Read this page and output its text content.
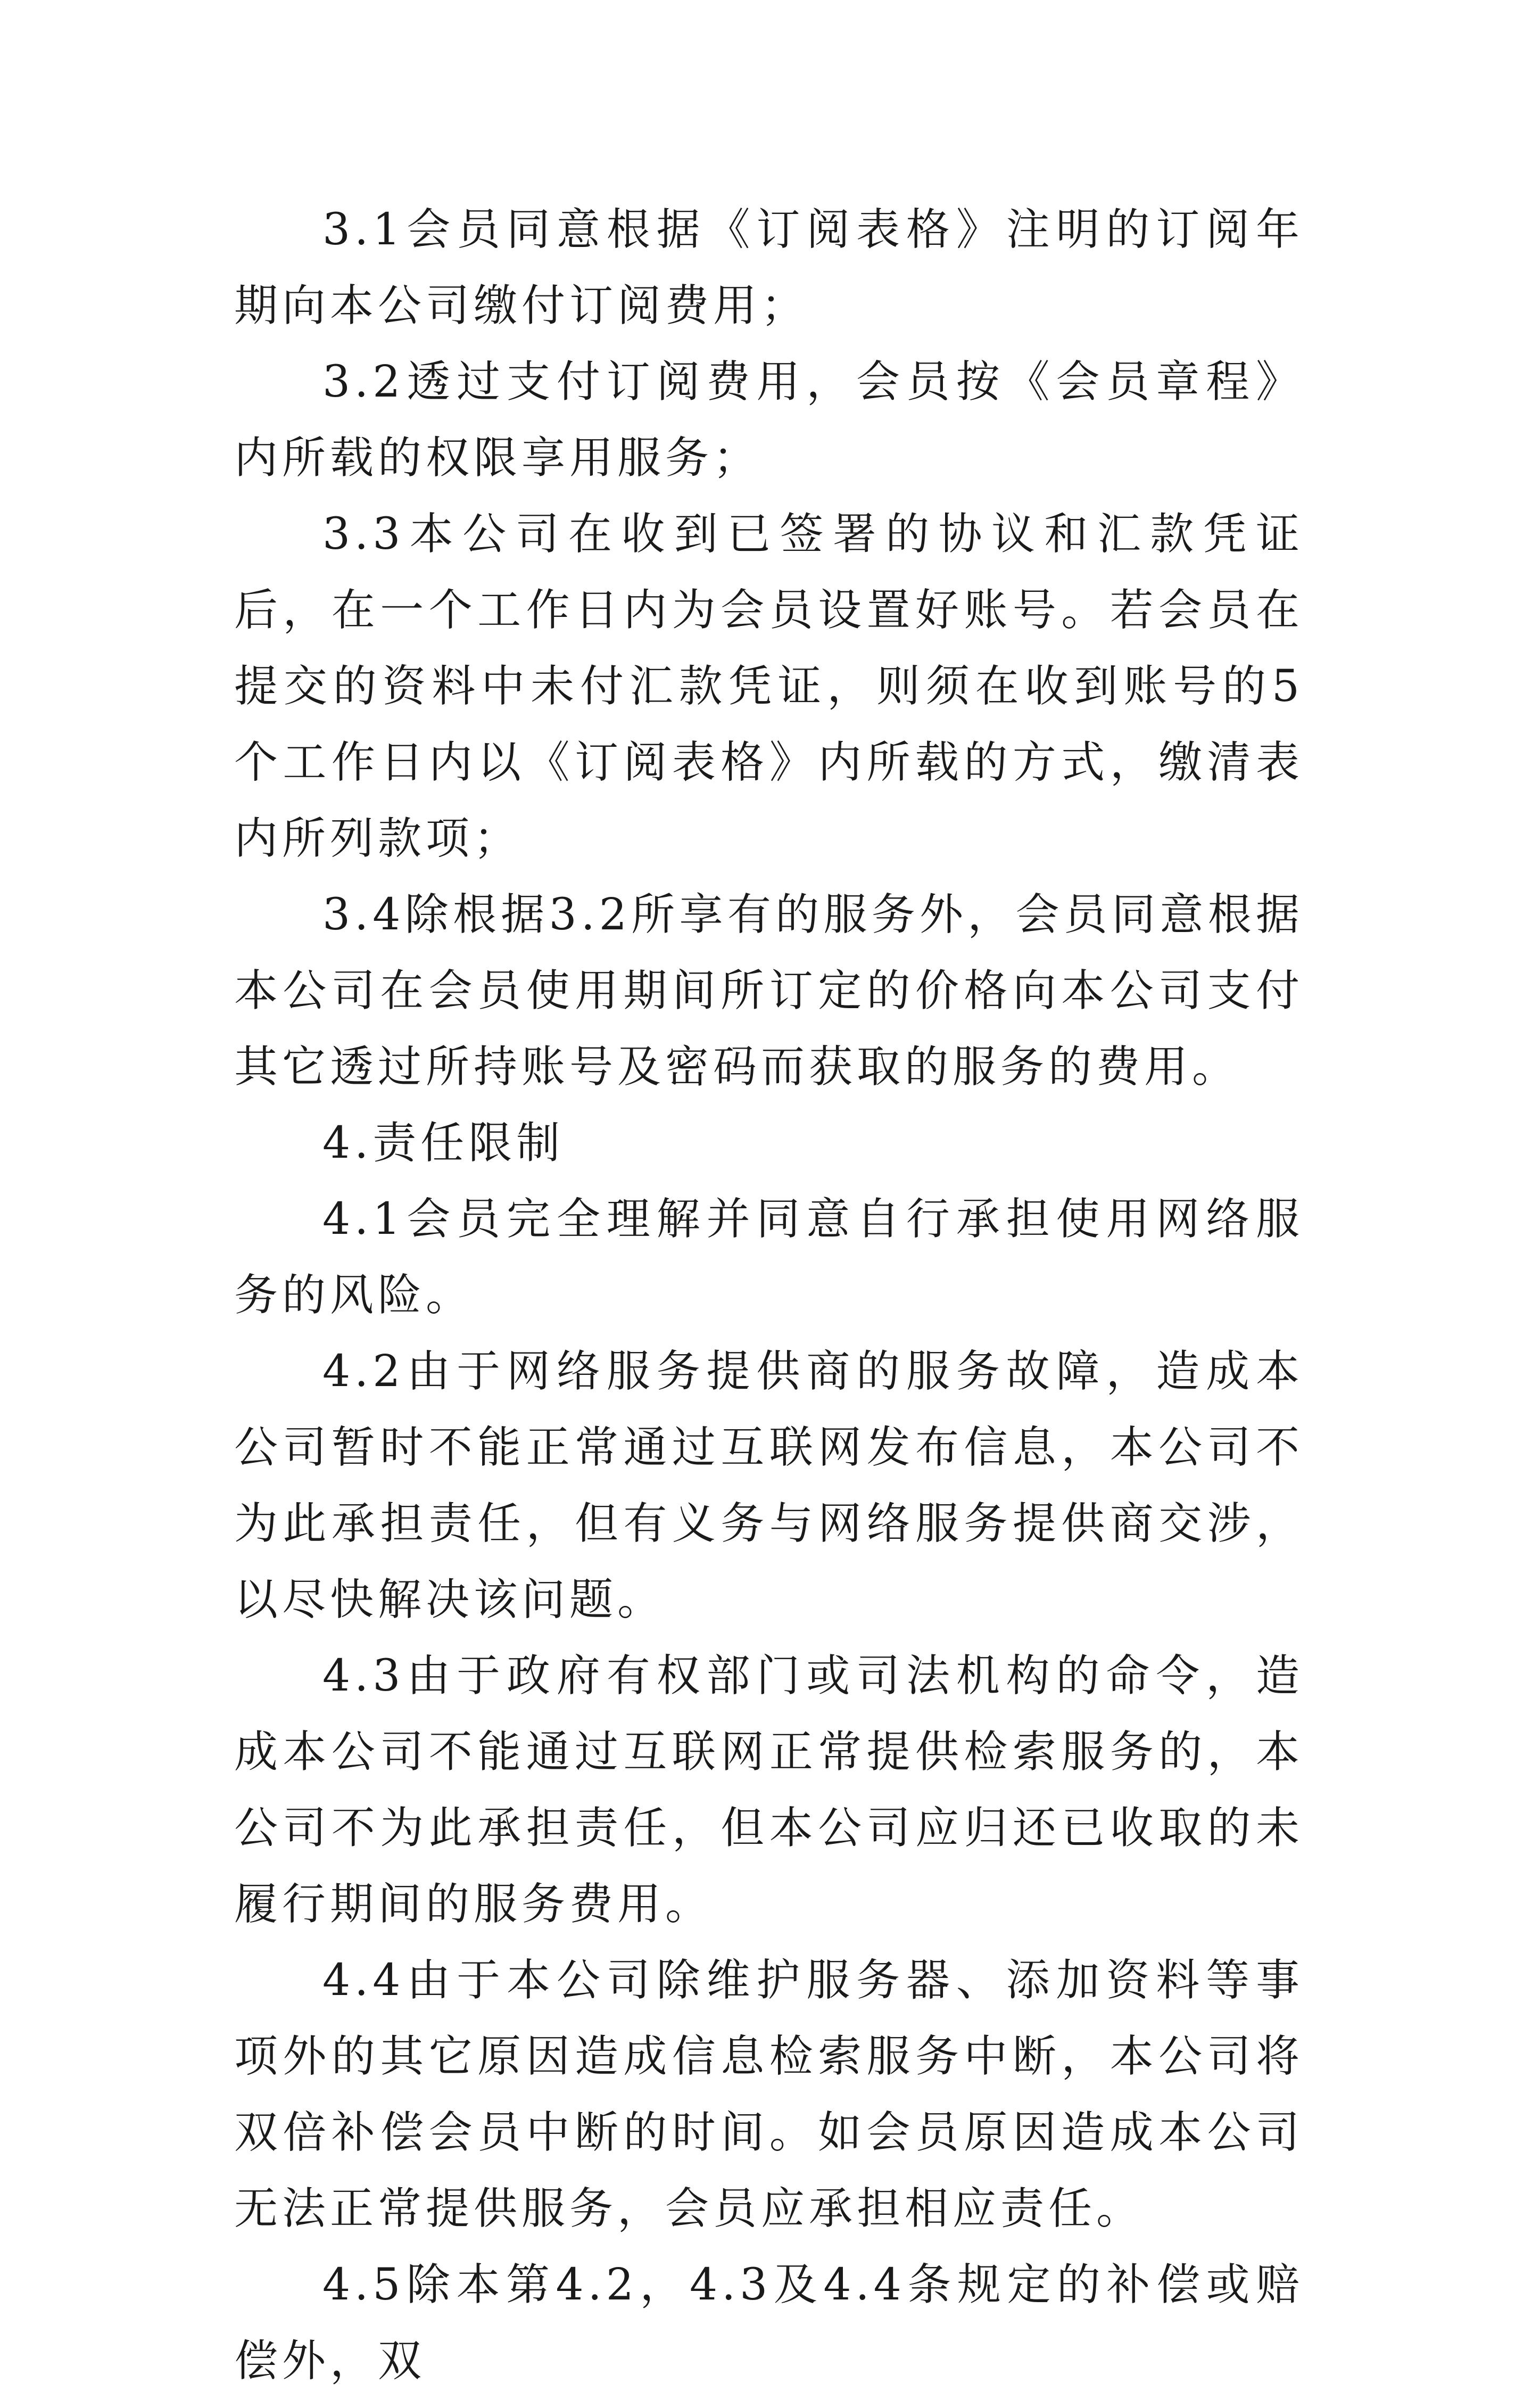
3.1会员同意根据《订阅表格》注明的订阅年期向本公司缴付订阅费用；

3.2透过支付订阅费用，会员按《会员章程》内所载的权限享用服务；

3.3本公司在收到已签署的协议和汇款凭证后，在一个工作日内为会员设置好账号。若会员在提交的资料中未付汇款凭证，则须在收到账号的5个工作日内以《订阅表格》内所载的方式，缴清表内所列款项；

3.4除根据3.2所享有的服务外，会员同意根据本公司在会员使用期间所订定的价格向本公司支付其它透过所持账号及密码而获取的服务的费用。

4.责任限制

4.1会员完全理解并同意自行承担使用网络服务的风险。

4.2由于网络服务提供商的服务故障，造成本公司暂时不能正常通过互联网发布信息，本公司不为此承担责任，但有义务与网络服务提供商交涉，以尽快解决该问题。

4.3由于政府有权部门或司法机构的命令，造成本公司不能通过互联网正常提供检索服务的，本公司不为此承担责任，但本公司应归还已收取的未履行期间的服务费用。

4.4由于本公司除维护服务器、添加资料等事项外的其它原因造成信息检索服务中断，本公司将双倍补偿会员中断的时间。如会员原因造成本公司无法正常提供服务，会员应承担相应责任。

4.5除本第4.2，4.3及4.4条规定的补偿或赔偿外，双
